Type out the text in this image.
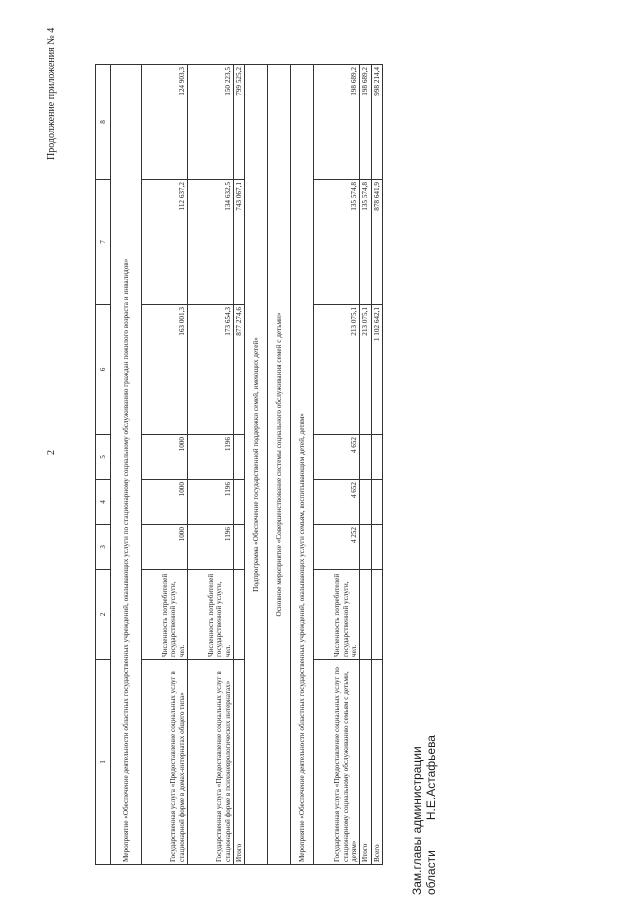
2
Продолжение приложения № 4
1	2	3	4	5	6	7	8
Мероприятие «Обеспечение деятельности областных государственных учреждений, оказывающих услуги по стационарному социальному обслуживанию граждан пожилого возраста и инвалидов»							
Государственная услуга «Предоставление социальных услуг в стационарной форме в домах-интернатах общего типа»	Численность потребителей государственной услуги, чел.	1000	1000	1000	163 001,3	112 637,2	124 903,3
Государственная услуга «Предоставление социальных услуг в стационарной форме в психоневрологических интернатах»	Численность потребителей государственной услуги, чел.	1196	1196	1196	173 654,3	134 632,5	150 223,5
Итого					877 274,6	743 067,1	799 525,2
Подпрограмма «Обеспечение государственной поддержки семей, имеющих детей»							
Основное мероприятие «Совершенствование системы социального обслуживания семей с детьми»							
Мероприятие «Обеспечение деятельности областных государственных учреждений, оказывающих услуги семьям, воспитывающим детей, детям»							
Государственная услуга «Предоставление социальных услуг по стационарному социальному обслуживанию семьям с детьми, детям»	Численность потребителей государственной услуги, чел.	4 252	4 652	4 652	213 075,1	135 574,8	198 689,2
Итого					213 075,1	135 574,8	198 689,2
Всего					1 102 642,1	878 641,9	998 214,4
Зам.главы администрации области         Н.Е.Астафьева
